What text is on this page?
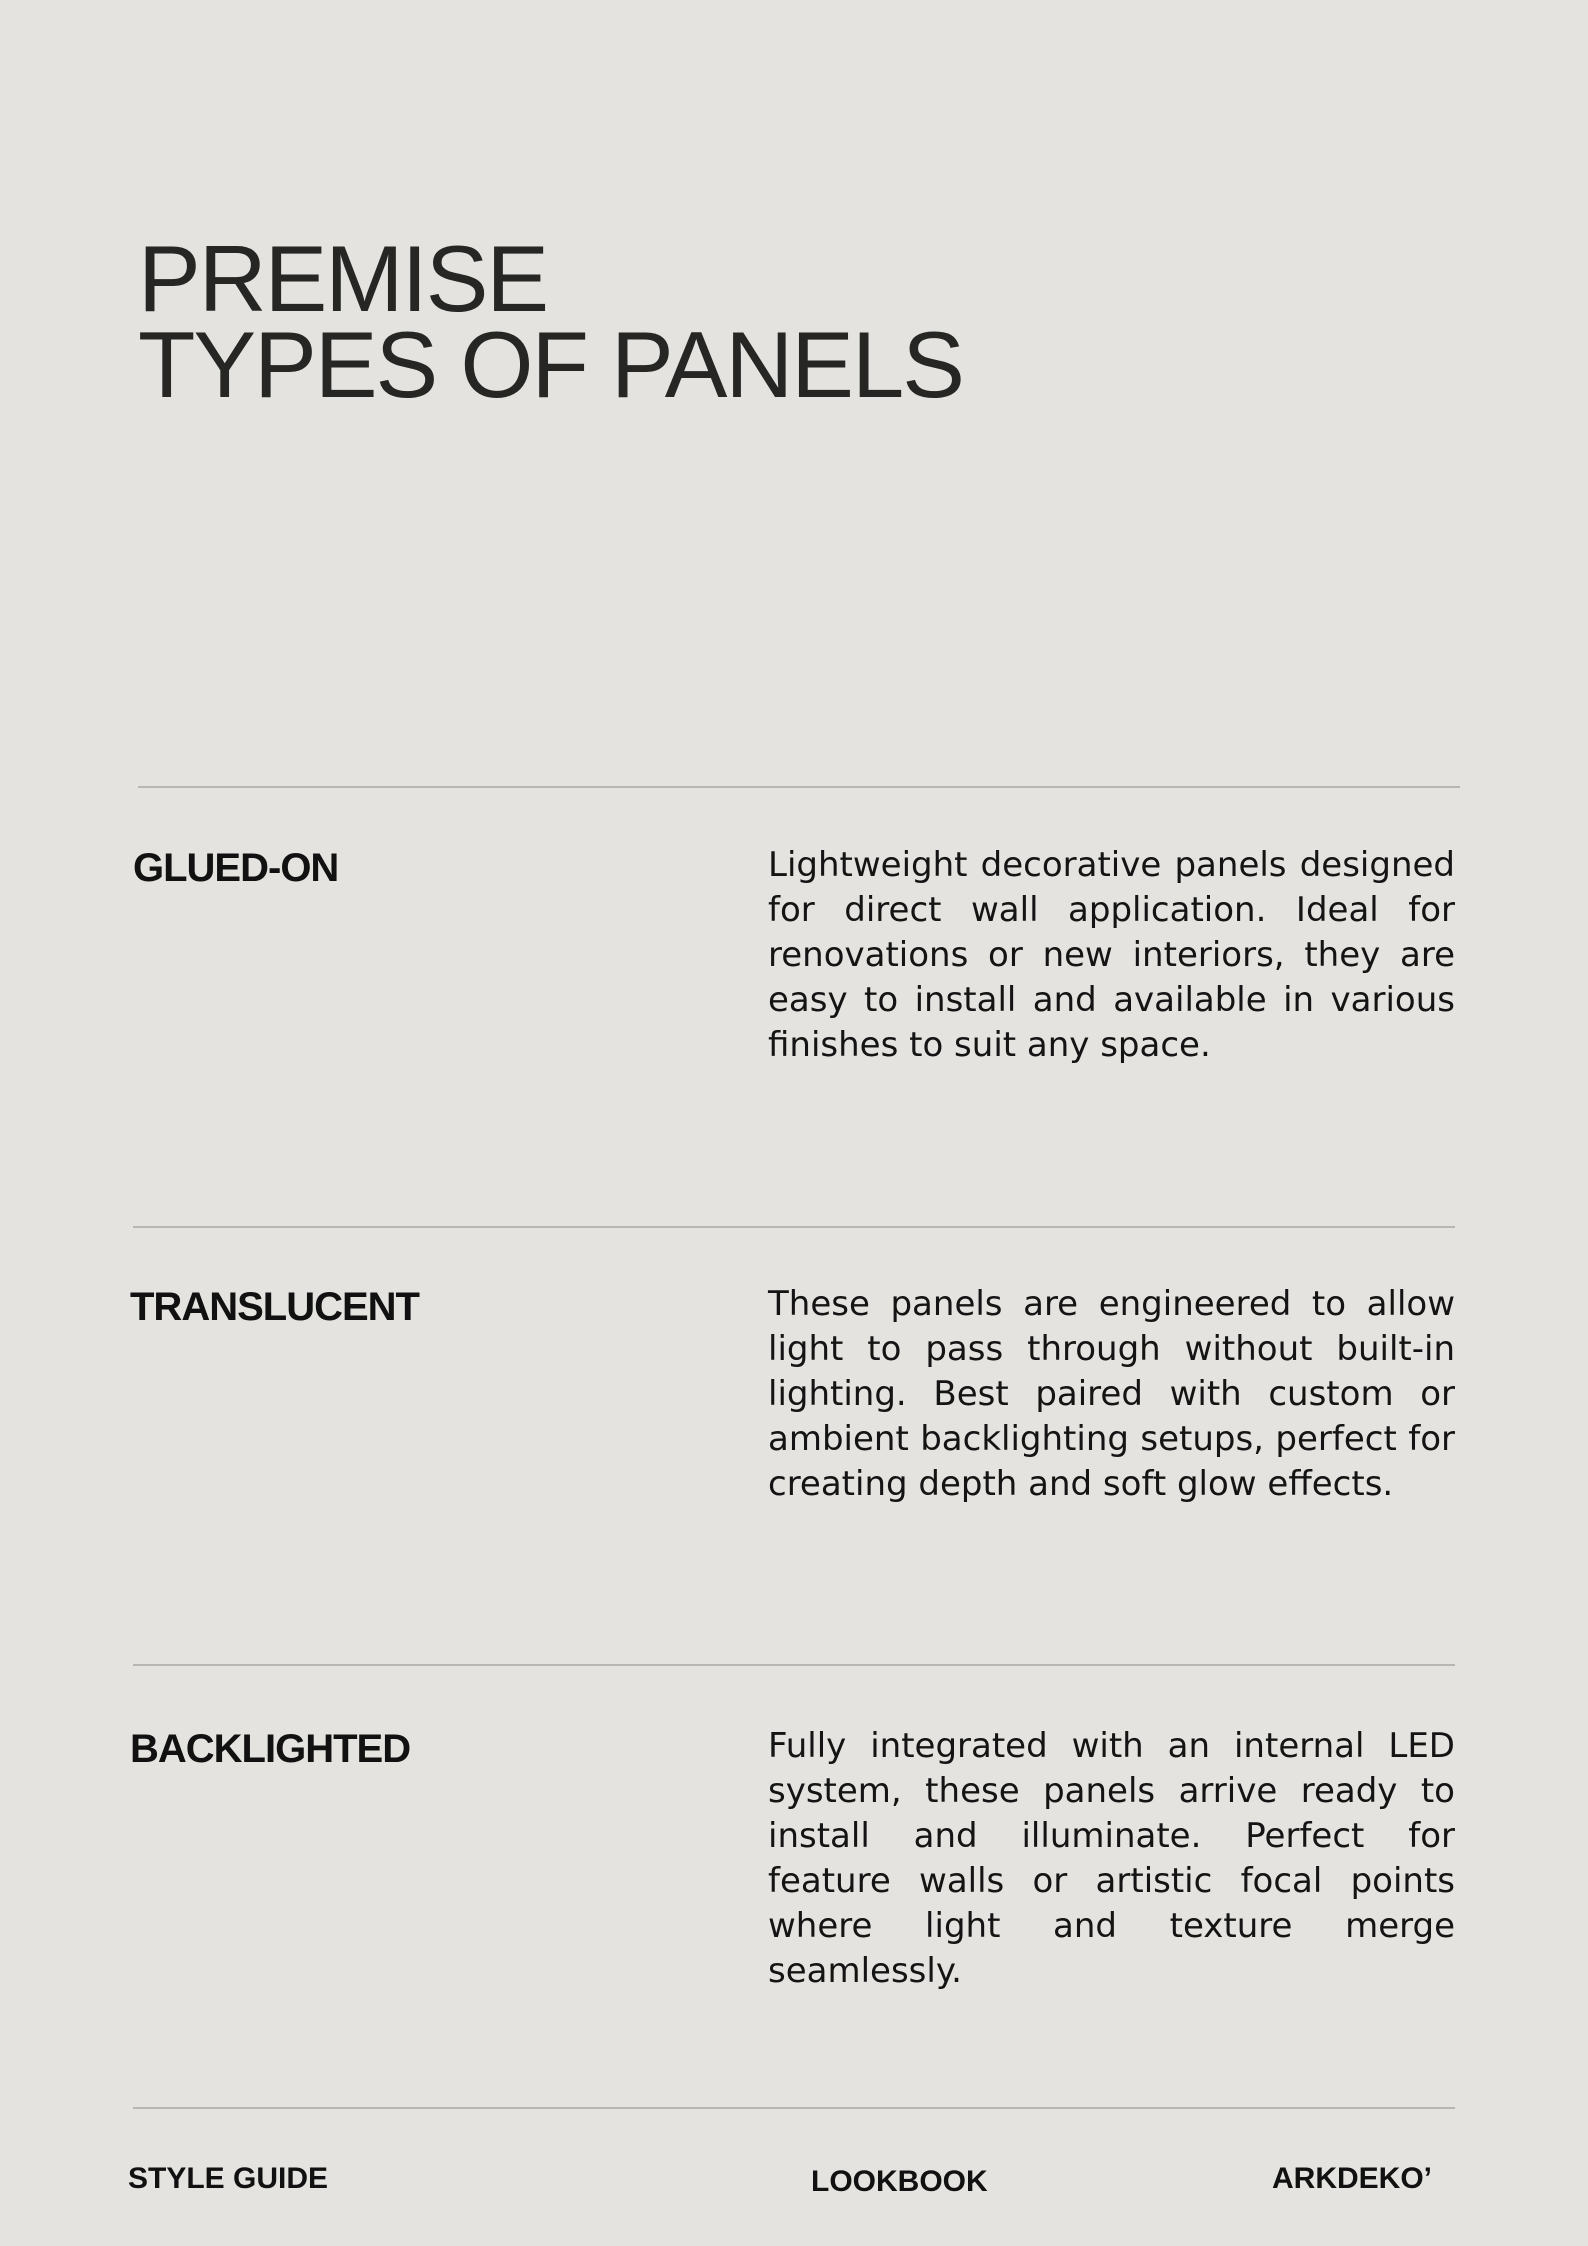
PREMISE
TYPES OF PANELS
GLUED-ON	Lightweight decorative panels designed for direct wall application. Ideal for renovations or new interiors, they are easy to install and available in various finishes to suit any space.

TRANSLUCENT	These panels are engineered to allow light to pass through without built-in lighting. Best paired with custom or ambient backlighting setups, perfect for creating depth and soft glow effects.

BACKLIGHTED	Fully integrated with an internal LED system, these panels arrive ready to install and illuminate. Perfect for feature walls or artistic focal points where light and texture merge seamlessly.

STYLE GUIDE	LOOKBOOK	ARKDEKO’
